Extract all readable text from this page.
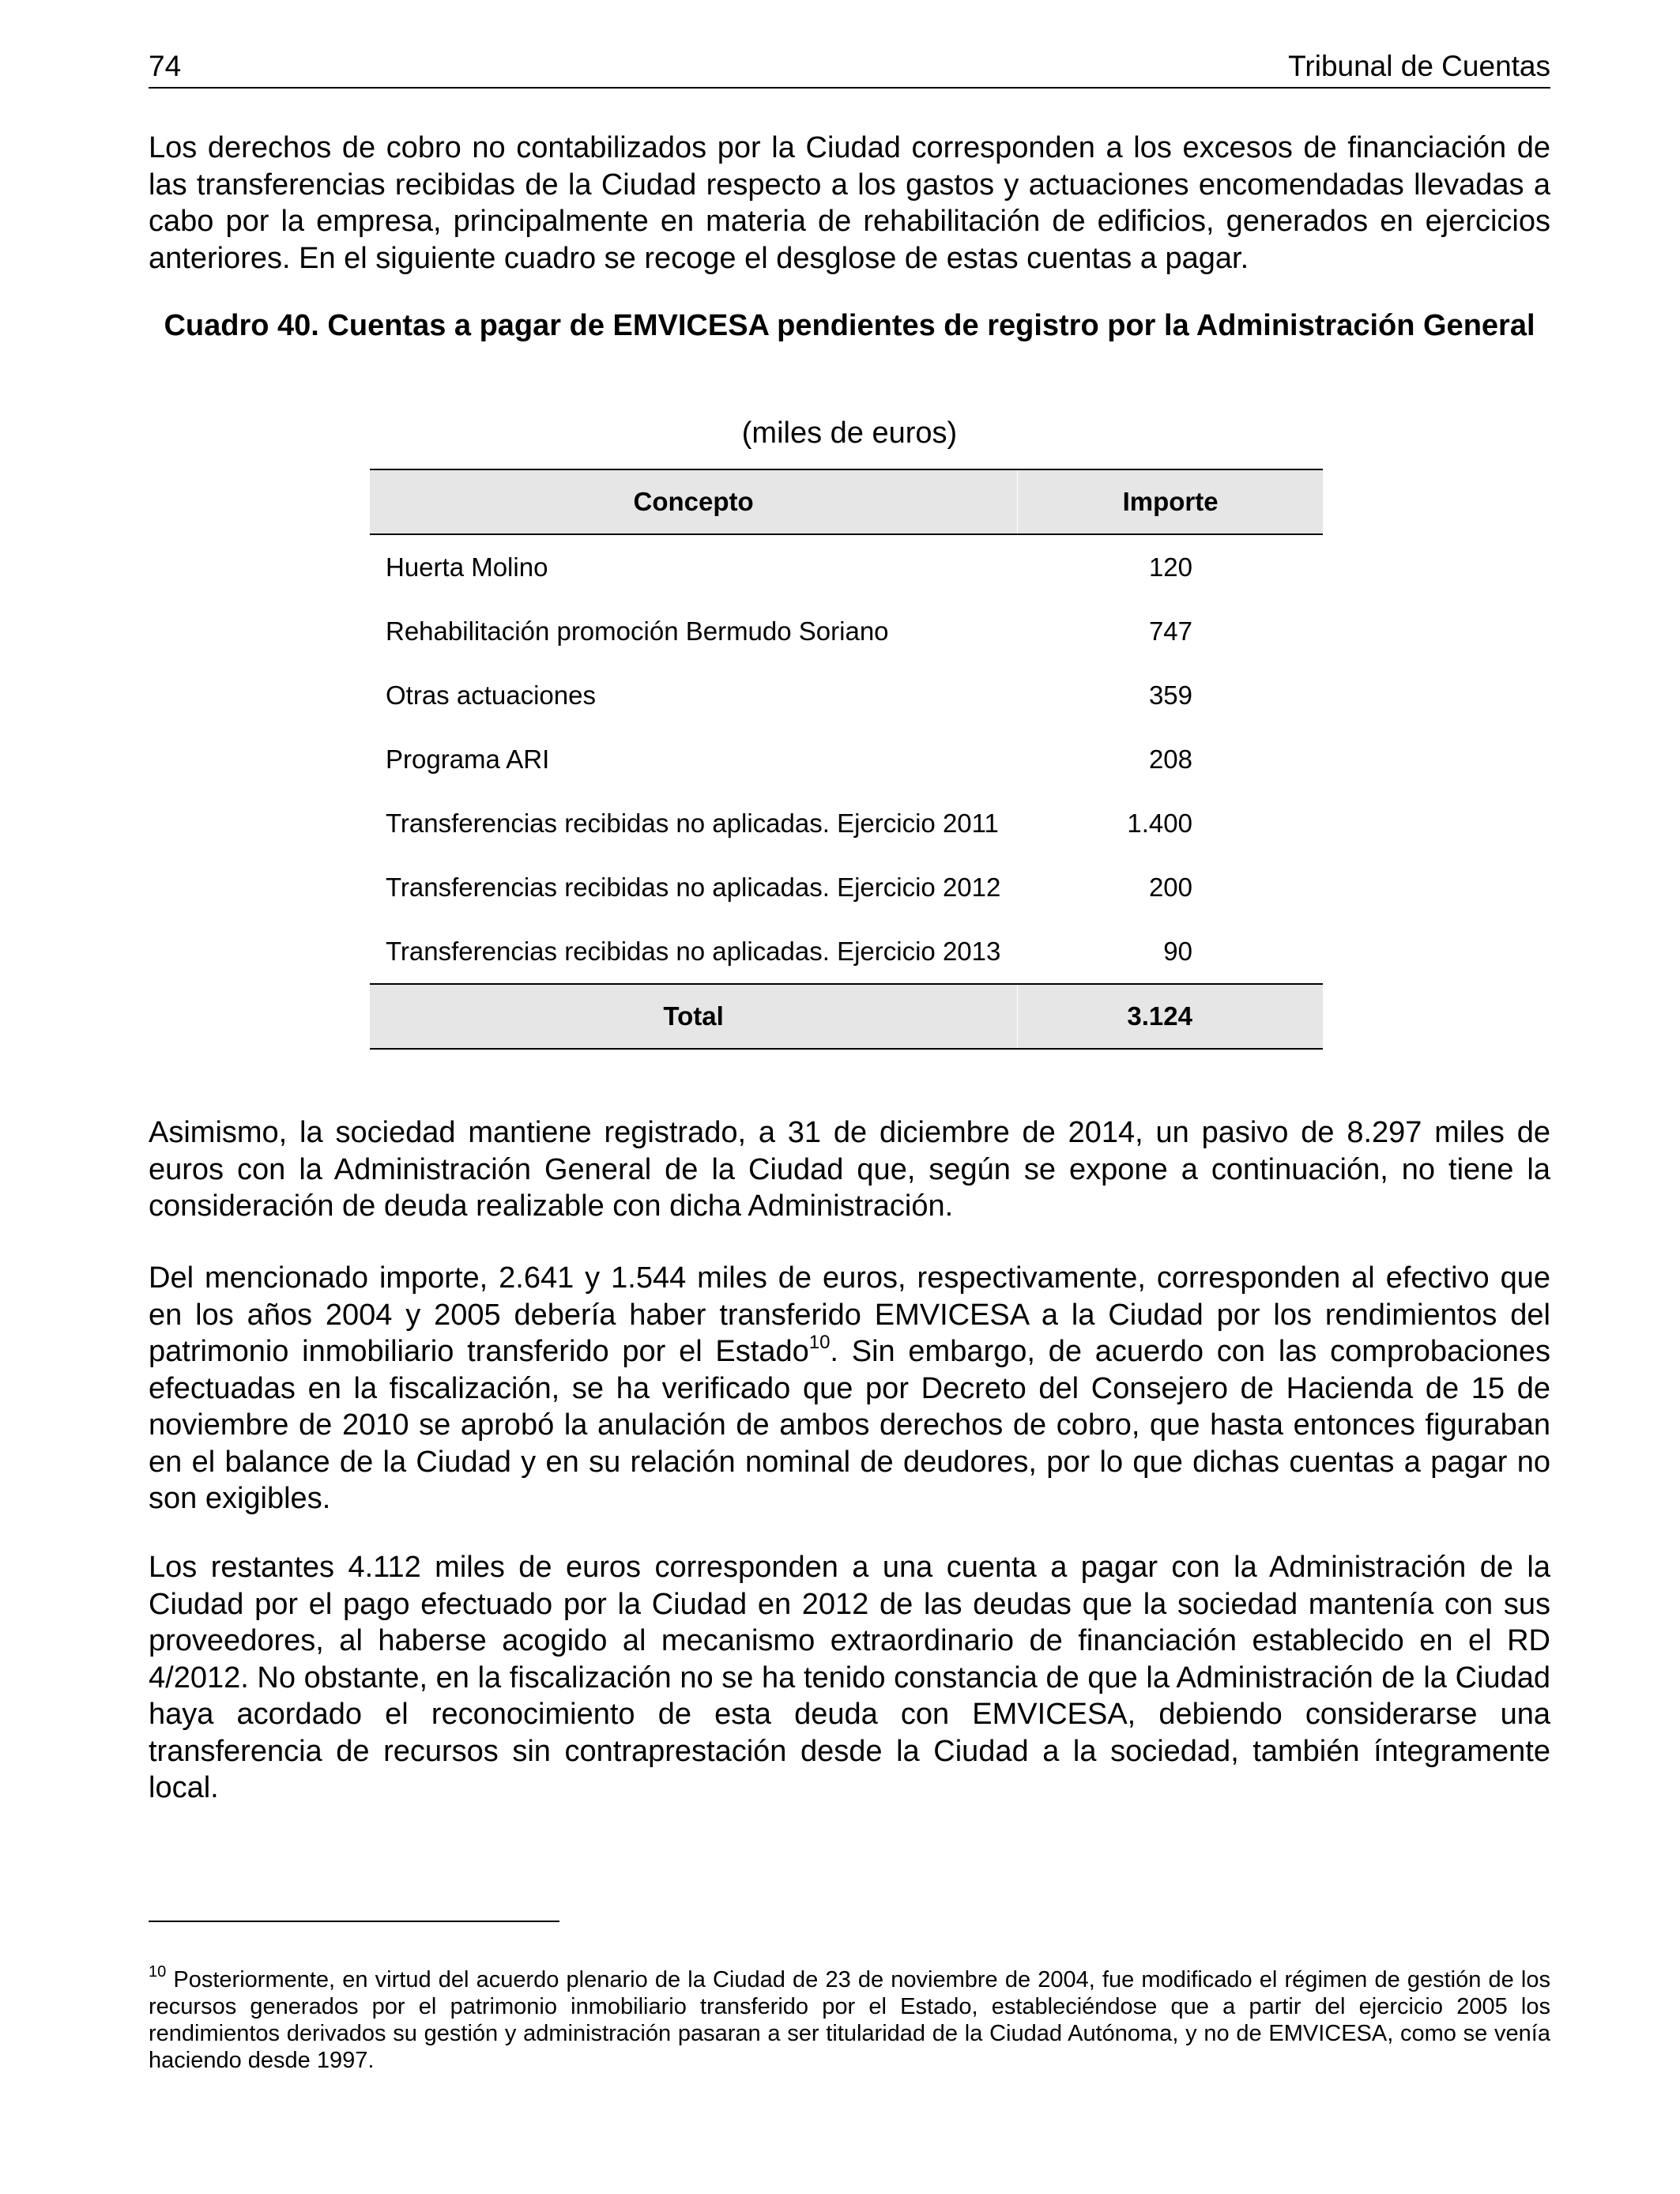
74	Tribunal de Cuentas

Los derechos de cobro no contabilizados por la Ciudad corresponden a los excesos de financiación de las transferencias recibidas de la Ciudad respecto a los gastos y actuaciones encomendadas llevadas a cabo por la empresa, principalmente en materia de rehabilitación de edificios, generados en ejercicios anteriores. En el siguiente cuadro se recoge el desglose de estas cuentas a pagar.

Cuadro 40. Cuentas a pagar de EMVICESA pendientes de registro por la Administración General

(miles de euros)

Concepto	Importe
Huerta Molino	120
Rehabilitación promoción Bermudo Soriano	747
Otras actuaciones	359
Programa ARI	208
Transferencias recibidas no aplicadas. Ejercicio 2011	1.400
Transferencias recibidas no aplicadas. Ejercicio 2012	200
Transferencias recibidas no aplicadas. Ejercicio 2013	90
Total	3.124

Asimismo, la sociedad mantiene registrado, a 31 de diciembre de 2014, un pasivo de 8.297 miles de euros con la Administración General de la Ciudad que, según se expone a continuación, no tiene la consideración de deuda realizable con dicha Administración.

Del mencionado importe, 2.641 y 1.544 miles de euros, respectivamente, corresponden al efectivo que en los años 2004 y 2005 debería haber transferido EMVICESA a la Ciudad por los rendimientos del patrimonio inmobiliario transferido por el Estado$^{10}$. Sin embargo, de acuerdo con las comprobaciones efectuadas en la fiscalización, se ha verificado que por Decreto del Consejero de Hacienda de 15 de noviembre de 2010 se aprobó la anulación de ambos derechos de cobro, que hasta entonces figuraban en el balance de la Ciudad y en su relación nominal de deudores, por lo que dichas cuentas a pagar no son exigibles.

Los restantes 4.112 miles de euros corresponden a una cuenta a pagar con la Administración de la Ciudad por el pago efectuado por la Ciudad en 2012 de las deudas que la sociedad mantenía con sus proveedores, al haberse acogido al mecanismo extraordinario de financiación establecido en el RD 4/2012. No obstante, en la fiscalización no se ha tenido constancia de que la Administración de la Ciudad haya acordado el reconocimiento de esta deuda con EMVICESA, debiendo considerarse una transferencia de recursos sin contraprestación desde la Ciudad a la sociedad, también íntegramente local.

$^{10}$ Posteriormente, en virtud del acuerdo plenario de la Ciudad de 23 de noviembre de 2004, fue modificado el régimen de gestión de los recursos generados por el patrimonio inmobiliario transferido por el Estado, estableciéndose que a partir del ejercicio 2005 los rendimientos derivados su gestión y administración pasaran a ser titularidad de la Ciudad Autónoma, y no de EMVICESA, como se venía haciendo desde 1997.
